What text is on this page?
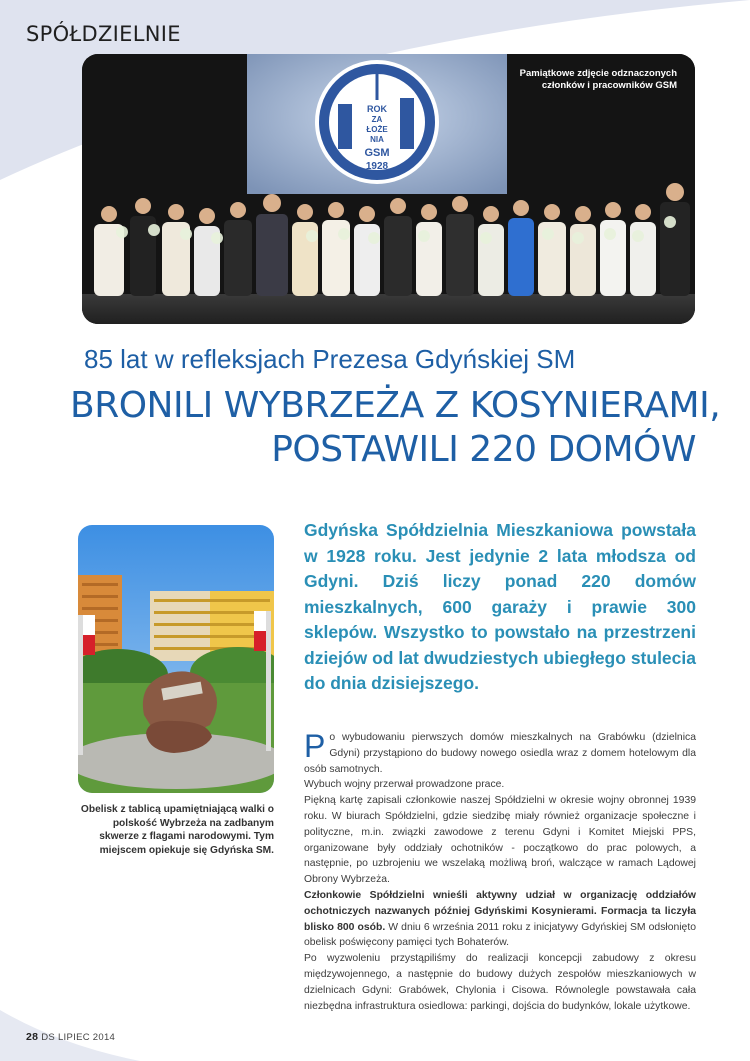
SPÓŁDZIELNIE
ROK
ZA
ŁOŻE
NIA
GSM
1928
Pamiątkowe zdjęcie odznaczonych członków i pracowników GSM
85 lat w refleksjach Prezesa Gdyńskiej SM
BRONILI WYBRZEŻA Z KOSYNIERAMI,
POSTAWILI 220 DOMÓW
Gdyńska Spółdzielnia Mieszkaniowa powstała w 1928 roku. Jest jedynie 2 lata młodsza od Gdyni. Dziś liczy ponad 220 domów mieszkalnych, 600 garaży i prawie 300 sklepów. Wszystko to powstało na przestrzeni dziejów od lat dwudziestych ubiegłego stulecia do dnia dzisiejszego.
Obelisk z tablicą upamiętniającą walki o polskość Wybrzeża na zadbanym skwerze z flagami narodowymi. Tym miejscem opiekuje się Gdyńska SM.

Po wybudowaniu pierwszych domów mieszkalnych na Grabówku (dzielnica Gdyni) przystąpiono do budowy nowego osiedla wraz z domem hotelowym dla osób samotnych.

Wybuch wojny przerwał prowadzone prace.

Piękną kartę zapisali członkowie naszej Spółdzielni w okresie wojny obronnej 1939 roku. W biurach Spółdzielni, gdzie siedzibę miały również organizacje społeczne i polityczne, m.in. związki zawodowe z terenu Gdyni i Komitet Miejski PPS, organizowane były oddziały ochotników - początkowo do prac polowych, a następnie, po uzbrojeniu we wszelaką możliwą broń, walczące w ramach Lądowej Obrony Wybrzeża.

Członkowie Spółdzielni wnieśli aktywny udział w organizację oddziałów ochotniczych nazwanych później Gdyńskimi Kosynierami. Formacja ta liczyła blisko 800 osób. W dniu 6 września 2011 roku z inicjatywy Gdyńskiej SM odsłonięto obelisk poświęcony pamięci tych Bohaterów.

Po wyzwoleniu przystąpiliśmy do realizacji koncepcji zabudowy z okresu międzywojennego, a następnie do budowy dużych zespołów mieszkaniowych w dzielnicach Gdyni: Grabówek, Chylonia i Cisowa. Równolegle powstawała cała niezbędna infrastruktura osiedlowa: parkingi, dojścia do budynków, lokale użytkowe.

28 DS LIPIEC 2014
